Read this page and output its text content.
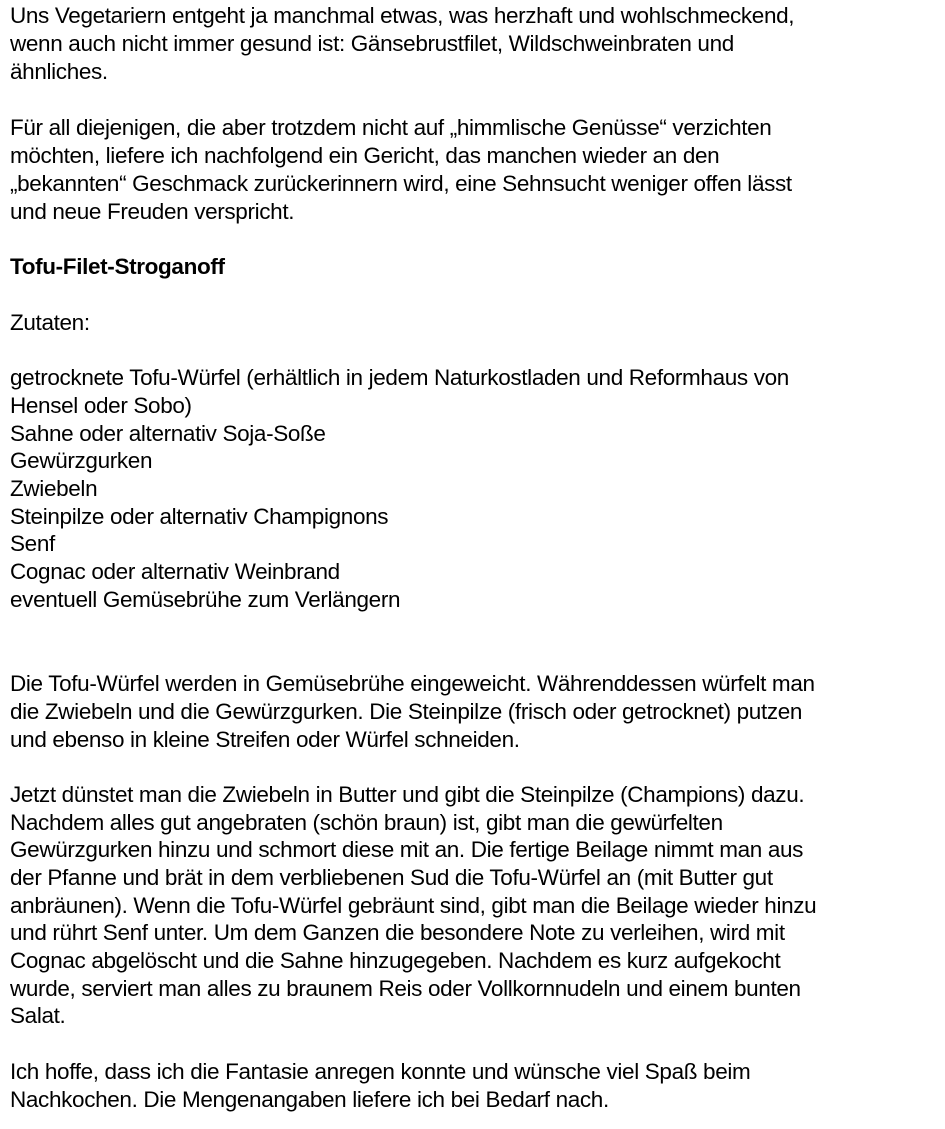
Uns Vegetariern entgeht ja manchmal etwas, was herzhaft und wohlschmeckend,
wenn auch nicht immer gesund ist: Gänsebrustfilet, Wildschweinbraten und
ähnliches.
Für all diejenigen, die aber trotzdem nicht auf „himmlische Genüsse“ verzichten
möchten, liefere ich nachfolgend ein Gericht, das manchen wieder an den
„bekannten“ Geschmack zurückerinnern wird, eine Sehnsucht weniger offen lässt
und neue Freuden verspricht.
Tofu-Filet-Stroganoff
Zutaten:
getrocknete Tofu-Würfel (erhältlich in jedem Naturkostladen und Reformhaus von
Hensel oder Sobo)
Sahne oder alternativ Soja-Soße
Gewürzgurken
Zwiebeln
Steinpilze oder alternativ Champignons
Senf
Cognac oder alternativ Weinbrand
eventuell Gemüsebrühe zum Verlängern
Die Tofu-Würfel werden in Gemüsebrühe eingeweicht. Währenddessen würfelt man
die Zwiebeln und die Gewürzgurken. Die Steinpilze (frisch oder getrocknet) putzen
und ebenso in kleine Streifen oder Würfel schneiden.
Jetzt dünstet man die Zwiebeln in Butter und gibt die Steinpilze (Champions) dazu.
Nachdem alles gut angebraten (schön braun) ist, gibt man die gewürfelten
Gewürzgurken hinzu und schmort diese mit an. Die fertige Beilage nimmt man aus
der Pfanne und brät in dem verbliebenen Sud die Tofu-Würfel an (mit Butter gut
anbräunen). Wenn die Tofu-Würfel gebräunt sind, gibt man die Beilage wieder hinzu
und rührt Senf unter. Um dem Ganzen die besondere Note zu verleihen, wird mit
Cognac abgelöscht und die Sahne hinzugegeben. Nachdem es kurz aufgekocht
wurde, serviert man alles zu braunem Reis oder Vollkornnudeln und einem bunten
Salat.
Ich hoffe, dass ich die Fantasie anregen konnte und wünsche viel Spaß beim
Nachkochen. Die Mengenangaben liefere ich bei Bedarf nach.
